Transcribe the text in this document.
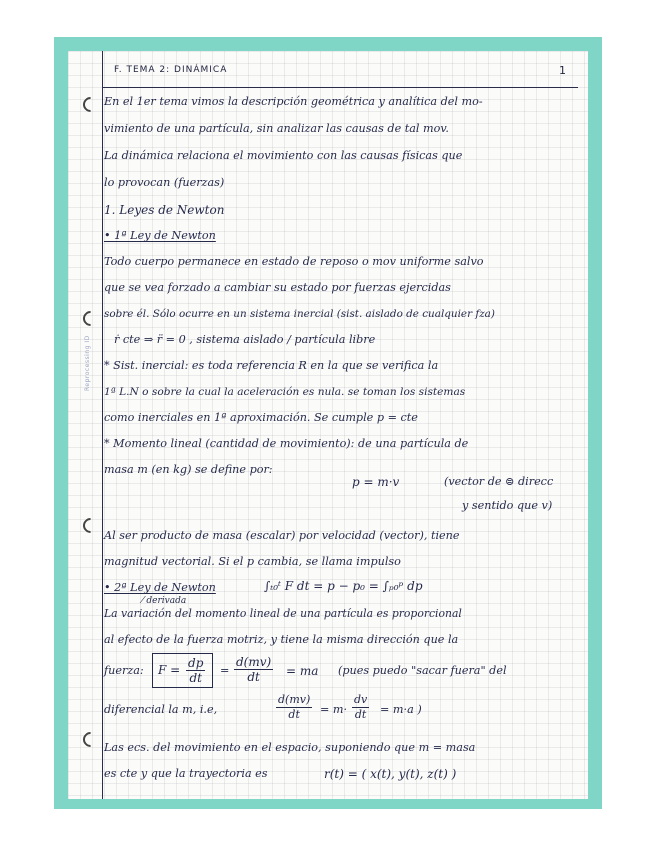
F. TEMA 2: DINÁMICA	1
Reprocessing ID
En el 1er tema vimos la descripción geométrica y analítica del mo-
vimiento de una partícula, sin analizar las causas de tal mov.
La dinámica relaciona el movimiento con las causas físicas que
lo provocan (fuerzas)
1. Leyes de Newton
• 1ª Ley de Newton
Todo cuerpo permanece en estado de reposo o mov uniforme salvo
que se vea forzado a cambiar su estado por fuerzas ejercidas
sobre él. Sólo ocurre en un sistema inercial (sist. aislado de cualquier fza)
ṙ cte ⇒ r̈ = 0 , sistema aislado / partícula libre
* Sist. inercial: es toda referencia R en la que se verifica la
1ª L.N o sobre la cual la aceleración es nula. se toman los sistemas
como inerciales en 1ª aproximación. Se cumple p = cte
* Momento lineal (cantidad de movimiento): de una partícula de
masa m (en kg) se define por:
p = m·v	(vector de ⊜ direcc
y sentido que v)
Al ser producto de masa (escalar) por velocidad (vector), tiene
magnitud vectorial. Si el p cambia, se llama impulso
• 2ª Ley de Newton	∫ₜ₀ᵗ F dt = p − p₀ = ∫ₚ₀ᵖ dp
⁄ derivada
La variación del momento lineal de una partícula es proporcional
al efecto de la fuerza motriz, y tiene la misma dirección que la
fuerza:	$F = \frac{dp}{dt} = \frac{d(mv)}{dt}$ = ma (pues puedo "sacar fuera" del
diferencial la m, i.e,	$\frac{d(mv)}{dt} = m\cdot \frac{dv}{dt} = m\cdot a$ )
Las ecs. del movimiento en el espacio, suponiendo que m = masa
es cte y que la trayectoria es	r(t) = ( x(t), y(t), z(t) )
